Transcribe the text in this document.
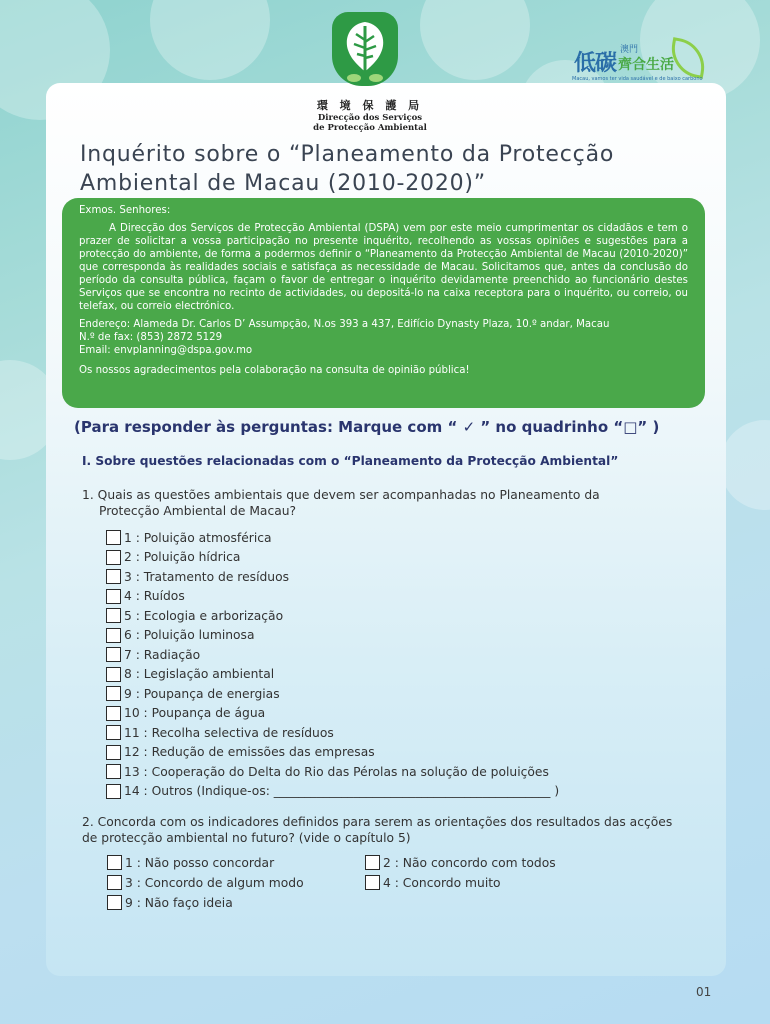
環 境 保 護 局
Direcção dos Serviços
de Protecção Ambiental
低碳
澳門
齊合生活
Macau, vamos ter vida saudável e de baixo carbono
Inquérito sobre o “Planeamento da Protecção
Ambiental de Macau (2010-2020)”

Exmos. Senhores:

A Direcção dos Serviços de Protecção Ambiental (DSPA) vem por este meio cumprimentar os cidadãos e tem o prazer de solicitar a vossa participação no presente inquérito, recolhendo as vossas opiniões e sugestões para a protecção do ambiente, de forma a podermos definir o “Planeamento da Protecção Ambiental de Macau (2010-2020)” que corresponda às realidades sociais e satisfaça as necessidade de Macau. Solicitamos que, antes da conclusão do período da consulta pública, façam o favor de entregar o inquérito devidamente preenchido ao funcionário destes Serviços que se encontra no recinto de actividades, ou depositá-lo na caixa receptora para o inquérito, ou correio, ou telefax, ou correio electrónico.

Endereço: Alameda Dr. Carlos D’ Assumpção, N.os 393 a 437, Edifício Dynasty Plaza, 10.º andar, Macau

N.º de fax: (853) 2872 5129

Email: envplanning@dspa.gov.mo

Os nossos agradecimentos pela colaboração na consulta de opinião pública!

(Para responder às perguntas: Marque com “ ✓ ” no quadrinho “□” )
I. Sobre questões relacionadas com o “Planeamento da Protecção Ambiental”
1. Quais as questões ambientais que devem ser acompanhadas no Planeamento da
Protecção Ambiental de Macau?
1 : Poluição atmosférica
2 : Poluição hídrica
3 : Tratamento de resíduos
4 : Ruídos
5 : Ecologia e arborização
6 : Poluição luminosa
7 : Radiação
8 : Legislação ambiental
9 : Poupança de energias
10 : Poupança de água
11 : Recolha selectiva de resíduos
12 : Redução de emissões das empresas
13 : Cooperação do Delta do Rio das Pérolas na solução de poluições
14 : Outros (Indique-os: _____________________________________________ )
2. Concorda com os indicadores definidos para serem as orientações dos resultados das acções de protecção ambiental no futuro? (vide o capítulo 5)
1 : Não posso concordar	2 : Não concordo com todos
3 : Concordo de algum modo	4 : Concordo muito
9 : Não faço ideia
01
